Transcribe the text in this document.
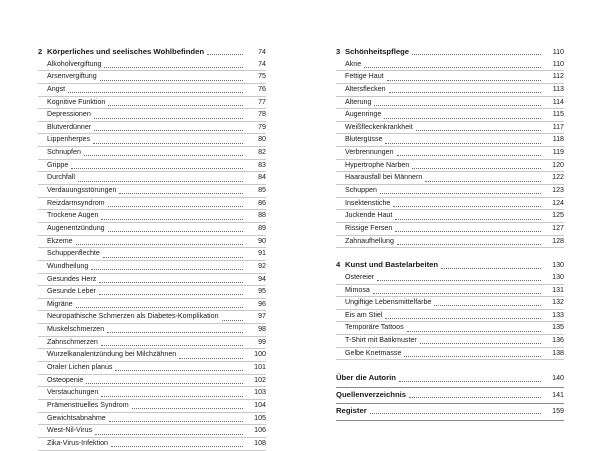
2 Körperliches und seelisches Wohlbefinden	74
Alkoholvergiftung	74
Arsenvergiftung	75
Angst	76
Kognitive Funktion	77
Depressionen	78
Blutverdünner	79
Lippenherpes	80
Schnupfen	82
Grippe	83
Durchfall	84
Verdauungsstörungen	85
Reizdarmsyndrom	86
Trockene Augen	88
Augenentzündung	89
Ekzeme	90
Schuppenflechte	91
Wundheilung	92
Gesundes Herz	94
Gesunde Leber	95
Migräne	96
Neuropathische Schmerzen als Diabetes-Komplikation	97
Muskelschmerzen	98
Zahnschmerzen	99
Wurzelkanalentzündung bei Milchzähnen	100
Oraler Lichen planus	101
Osteopenie	102
Verstauchungen	103
Prämenstruelles Syndrom	104
Gewichtsabnahme	105
West-Nil-Virus	106
Zika-Virus-Infektion	108
3 Schönheitspflege	110
Akne	110
Fettige Haut	112
Altersflecken	113
Alterung	114
Augenringe	115
Weißfleckenkrankheit	117
Blutergüsse	118
Verbrennungen	119
Hypertrophe Narben	120
Haarausfall bei Männern	122
Schuppen	123
Insektenstiche	124
Juckende Haut	125
Rissige Fersen	127
Zahnaufhellung	128
4 Kunst und Bastelarbeiten	130
Ostereier	130
Mimosa	131
Ungiftige Lebensmittelfarbe	132
Eis am Stiel	133
Temporäre Tattoos	135
T-Shirt mit Batikmuster	136
Gelbe Knetmasse	138
Über die Autorin	140
Quellenverzeichnis	141
Register	159
